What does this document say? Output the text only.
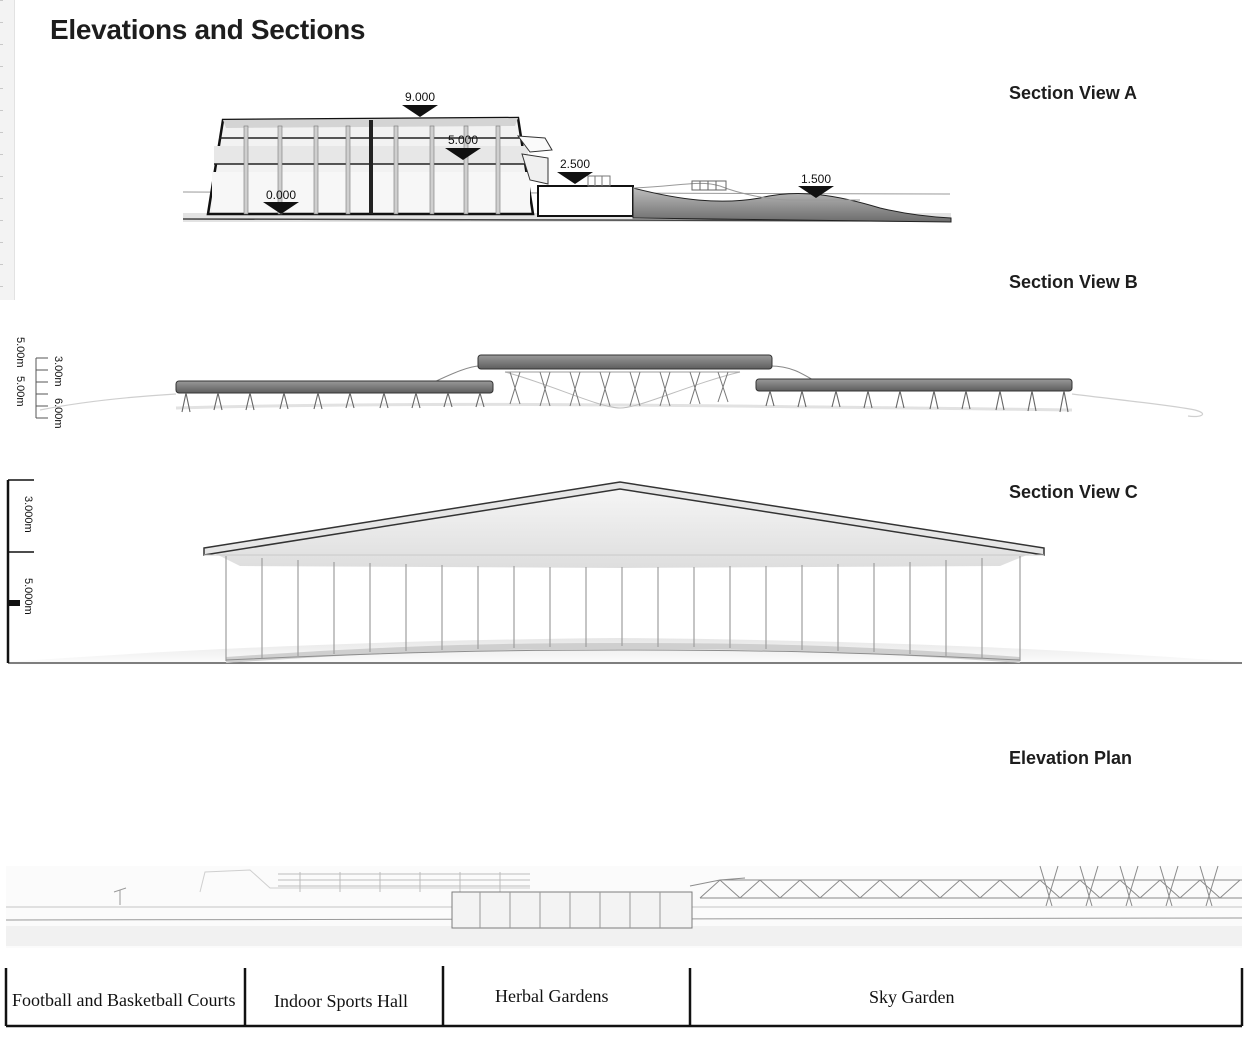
Elevations and Sections
Section View A
Section View B
Section View C
Elevation Plan
9.000
5.000
2.500
0.000
1.500
5.00m
5.00m
3.00m
6.00m
3.000m
5.000m
Football and Basketball Courts Indoor Sports Hall	Herbal Gardens	Sky Garden
